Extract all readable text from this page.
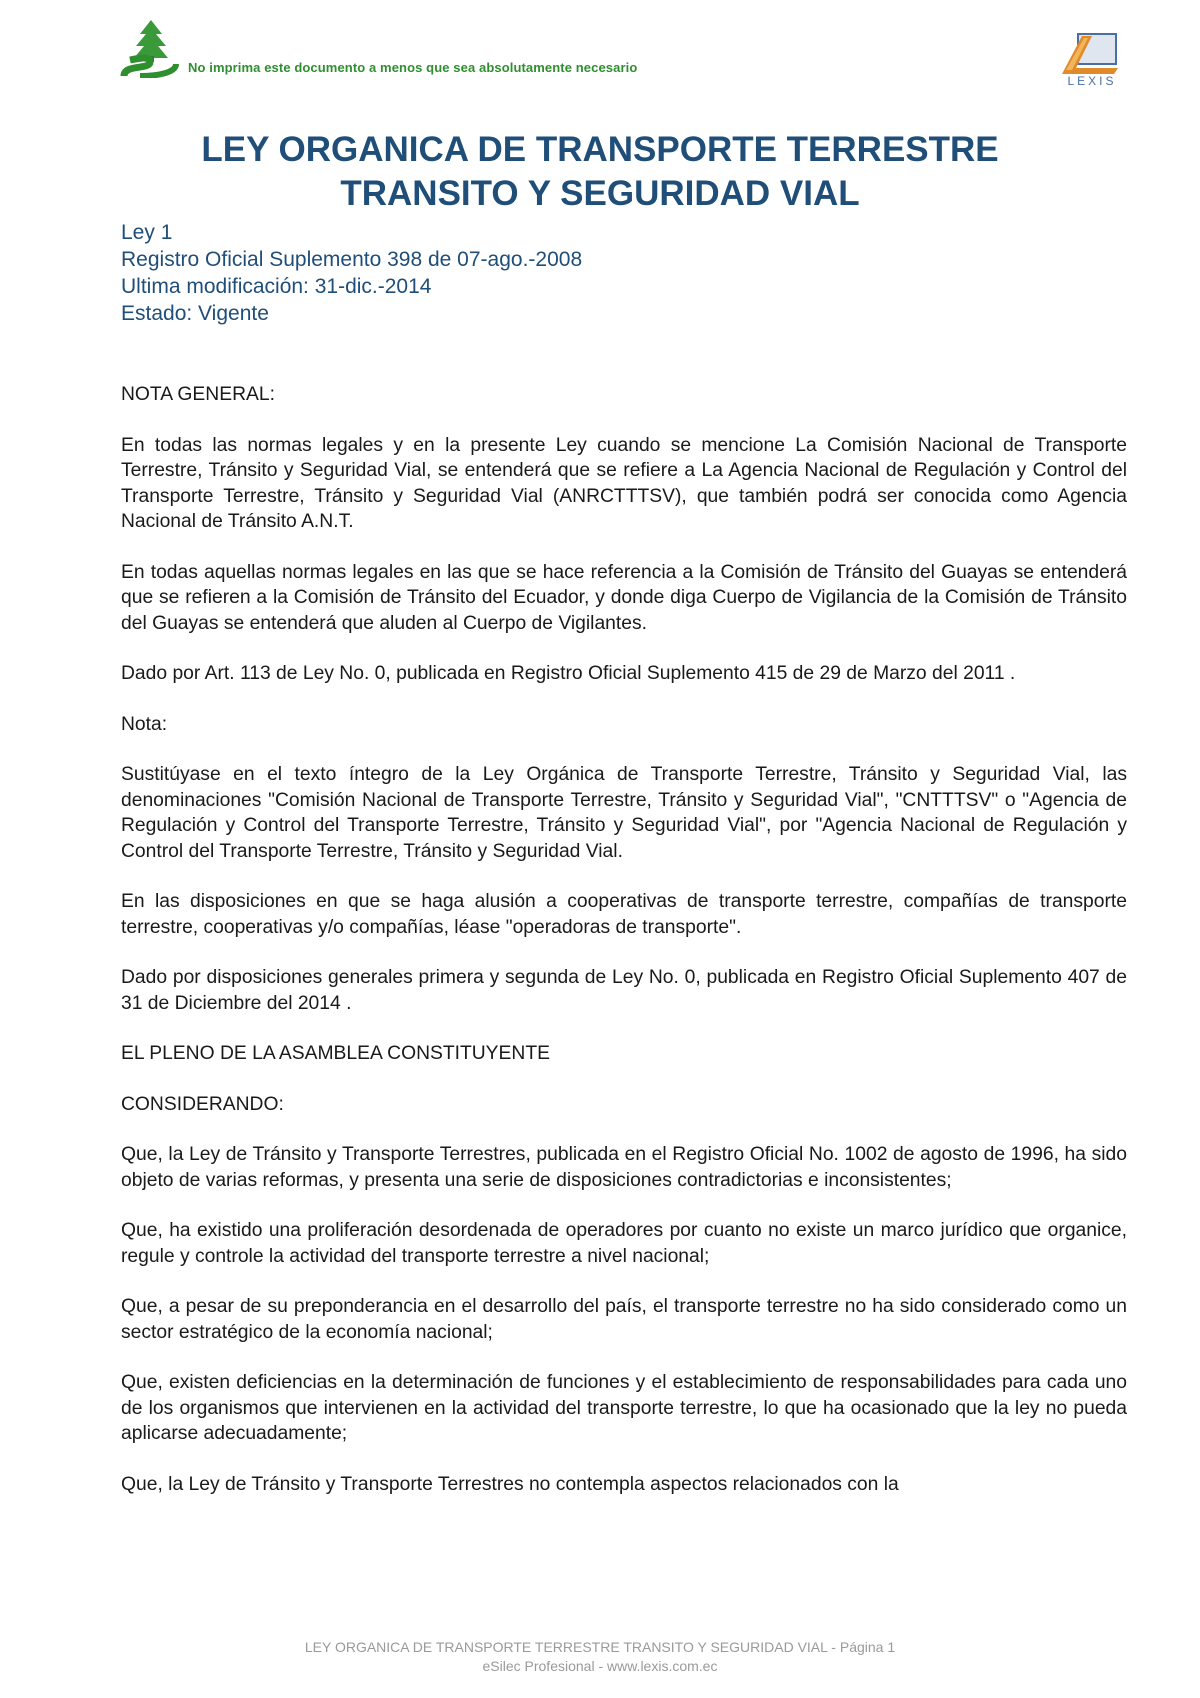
No imprima este documento a menos que sea absolutamente necesario
LEXIS
LEY ORGANICA DE TRANSPORTE TERRESTRE
TRANSITO Y SEGURIDAD VIAL
Ley 1
Registro Oficial Suplemento 398 de 07-ago.-2008
Ultima modificación: 31-dic.-2014
Estado: Vigente

NOTA GENERAL:

En todas las normas legales y en la presente Ley cuando se mencione La Comisión Nacional de Transporte Terrestre, Tránsito y Seguridad Vial, se entenderá que se refiere a La Agencia Nacional de Regulación y Control del Transporte Terrestre, Tránsito y Seguridad Vial (ANRCTTTSV), que también podrá ser conocida como Agencia Nacional de Tránsito A.N.T.

En todas aquellas normas legales en las que se hace referencia a la Comisión de Tránsito del Guayas se entenderá que se refieren a la Comisión de Tránsito del Ecuador, y donde diga Cuerpo de Vigilancia de la Comisión de Tránsito del Guayas se entenderá que aluden al Cuerpo de Vigilantes.

Dado por Art. 113 de Ley No. 0, publicada en Registro Oficial Suplemento 415 de 29 de Marzo del 2011 .

Nota:

Sustitúyase en el texto íntegro de la Ley Orgánica de Transporte Terrestre, Tránsito y Seguridad Vial, las denominaciones "Comisión Nacional de Transporte Terrestre, Tránsito y Seguridad Vial", "CNTTTSV" o "Agencia de Regulación y Control del Transporte Terrestre, Tránsito y Seguridad Vial", por "Agencia Nacional de Regulación y Control del Transporte Terrestre, Tránsito y Seguridad Vial.

En las disposiciones en que se haga alusión a cooperativas de transporte terrestre, compañías de transporte terrestre, cooperativas y/o compañías, léase "operadoras de transporte".

Dado por disposiciones generales primera y segunda de Ley No. 0, publicada en Registro Oficial Suplemento 407 de 31 de Diciembre del 2014 .

EL PLENO DE LA ASAMBLEA CONSTITUYENTE

CONSIDERANDO:

Que, la Ley de Tránsito y Transporte Terrestres, publicada en el Registro Oficial No. 1002 de agosto de 1996, ha sido objeto de varias reformas, y presenta una serie de disposiciones contradictorias e inconsistentes;

Que, ha existido una proliferación desordenada de operadores por cuanto no existe un marco jurídico que organice, regule y controle la actividad del transporte terrestre a nivel nacional;

Que, a pesar de su preponderancia en el desarrollo del país, el transporte terrestre no ha sido considerado como un sector estratégico de la economía nacional;

Que, existen deficiencias en la determinación de funciones y el establecimiento de responsabilidades para cada uno de los organismos que intervienen en la actividad del transporte terrestre, lo que ha ocasionado que la ley no pueda aplicarse adecuadamente;

Que, la Ley de Tránsito y Transporte Terrestres no contempla aspectos relacionados con la

LEY ORGANICA DE TRANSPORTE TERRESTRE TRANSITO Y SEGURIDAD VIAL - Página 1
eSilec Profesional - www.lexis.com.ec
